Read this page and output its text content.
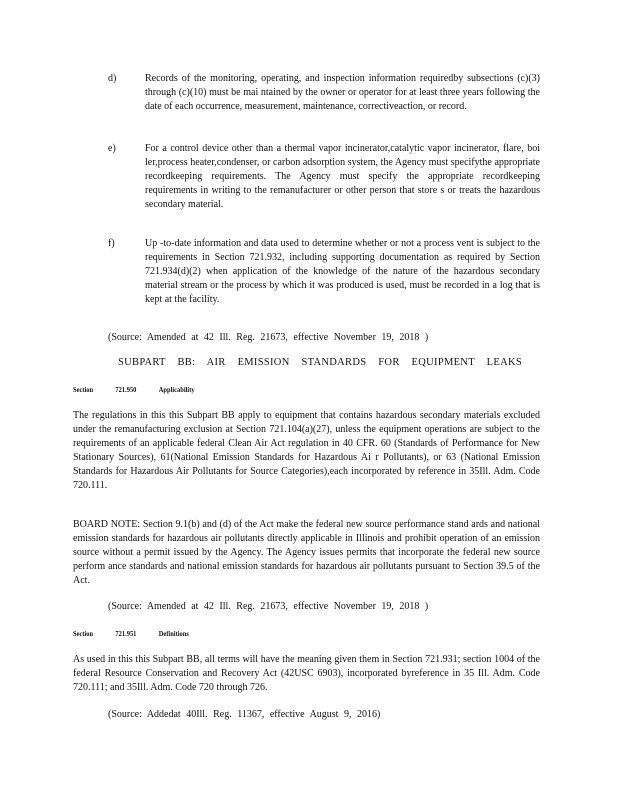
d)	Records of the monitoring, operating, and inspection information requiredby subsections (c)(3) through (c)(10) must be mai ntained by the owner or operator for at least three years following the date of each occurrence, measurement, maintenance, correctiveaction, or record.
e)	For a control device other than a thermal vapor incinerator,catalytic vapor incinerator, flare, boi ler,process heater,condenser, or carbon adsorption system, the Agency must specifythe appropriate recordkeeping requirements. The Agency must specify the appropriate recordkeeping requirements in writing to the remanufacturer or other person that store s or treats the hazardous secondary material.
f)	Up -to-date information and data used to determine whether or not a process vent is subject to the requirements in Section 721.932, including supporting documentation as required by Section 721.934(d)(2) when application of the knowledge of the nature of the hazardous secondary material stream or the process by which it was produced is used, must be recorded in a log that is kept at the facility.
(Source: Amended at 42 Ill. Reg. 21673, effective November 19, 2018 )
SUBPART BB: AIR EMISSION STANDARDS FOR EQUIPMENT LEAKS
Section	721.950	Applicability
The regulations in this this Subpart BB apply to equipment that contains hazardous secondary materials excluded under the remanufacturing exclusion at Section 721.104(a)(27), unless the equipment operations are subject to the requirements of an applicable federal Clean Air Act regulation in 40 CFR. 60 (Standards of Performance for New Stationary Sources), 61(National Emission Standards for Hazardous Ai r Pollutants), or 63 (National Emission Standards for Hazardous Air Pollutants for Source Categories),each incorporated by reference in 35Ill. Adm. Code 720.111.
BOARD NOTE: Section 9.1(b) and (d) of the Act make the federal new source performance stand ards and national emission standards for hazardous air pollutants directly applicable in Illinois and prohibit operation of an emission source without a permit issued by the Agency. The Agency issues permits that incorporate the federal new source perform ance standards and national emission standards for hazardous air pollutants pursuant to Section 39.5 of the Act.
(Source: Amended at 42 Ill. Reg. 21673, effective November 19, 2018 )
Section	721.951	Definitions
As used in this this Subpart BB, all terms will have the meaning given them in Section 721.931; section 1004 of the federal Resource Conservation and Recovery Act (42USC 6903), incorporated byreference in 35 Ill. Adm. Code 720.111; and 35Ill. Adm. Code 720 through 726.
(Source: Addedat 40Ill. Reg. 11367, effective August 9, 2016)
